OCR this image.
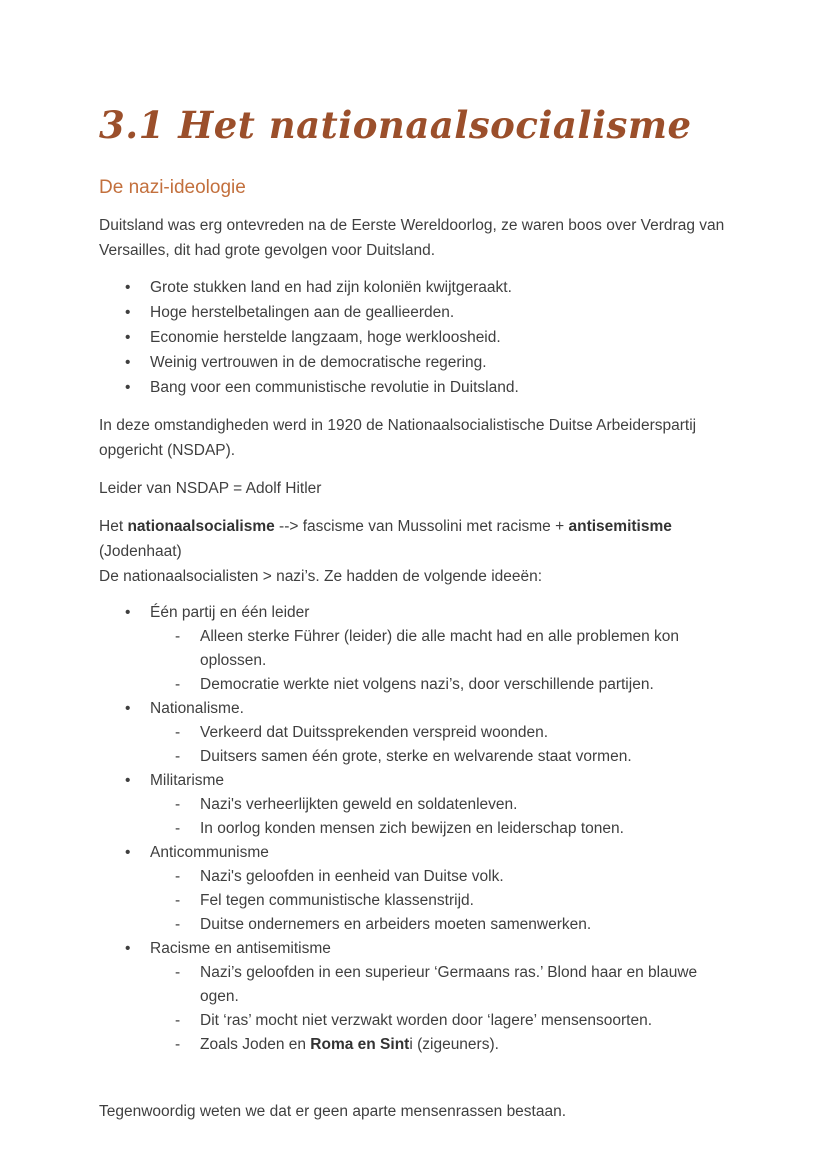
3.1 Het nationaalsocialisme
De nazi-ideologie

Duitsland was erg ontevreden na de Eerste Wereldoorlog, ze waren boos over Verdrag van Versailles, dit had grote gevolgen voor Duitsland.

•	Grote stukken land en had zijn koloniën kwijtgeraakt.
•	Hoge herstelbetalingen aan de geallieerden.
•	Economie herstelde langzaam, hoge werkloosheid.
•	Weinig vertrouwen in de democratische regering.
•	Bang voor een communistische revolutie in Duitsland.

In deze omstandigheden werd in 1920 de Nationaalsocialistische Duitse Arbeiderspartij opgericht (NSDAP).

Leider van NSDAP = Adolf Hitler

Het nationaalsocialisme --> fascisme van Mussolini met racisme + antisemitisme (Jodenhaat)
De nationaalsocialisten > nazi’s. Ze hadden de volgende ideeën:

•	Één partij en één leider
-	Alleen sterke Führer (leider) die alle macht had en alle problemen kon oplossen.
-	Democratie werkte niet volgens nazi’s, door verschillende partijen.
•	Nationalisme.
-	Verkeerd dat Duitssprekenden verspreid woonden.
-	Duitsers samen één grote, sterke en welvarende staat vormen.
•	Militarisme
-	Nazi's verheerlijkten geweld en soldatenleven.
-	In oorlog konden mensen zich bewijzen en leiderschap tonen.
•	Anticommunisme
-	Nazi's geloofden in eenheid van Duitse volk.
-	Fel tegen communistische klassenstrijd.
-	Duitse ondernemers en arbeiders moeten samenwerken.
•	Racisme en antisemitisme
-	Nazi’s geloofden in een superieur ‘Germaans ras.’ Blond haar en blauwe ogen.
-	Dit ‘ras’ mocht niet verzwakt worden door ‘lagere’ mensensoorten.
-	Zoals Joden en Roma en Sinti (zigeuners).

Tegenwoordig weten we dat er geen aparte mensenrassen bestaan.
